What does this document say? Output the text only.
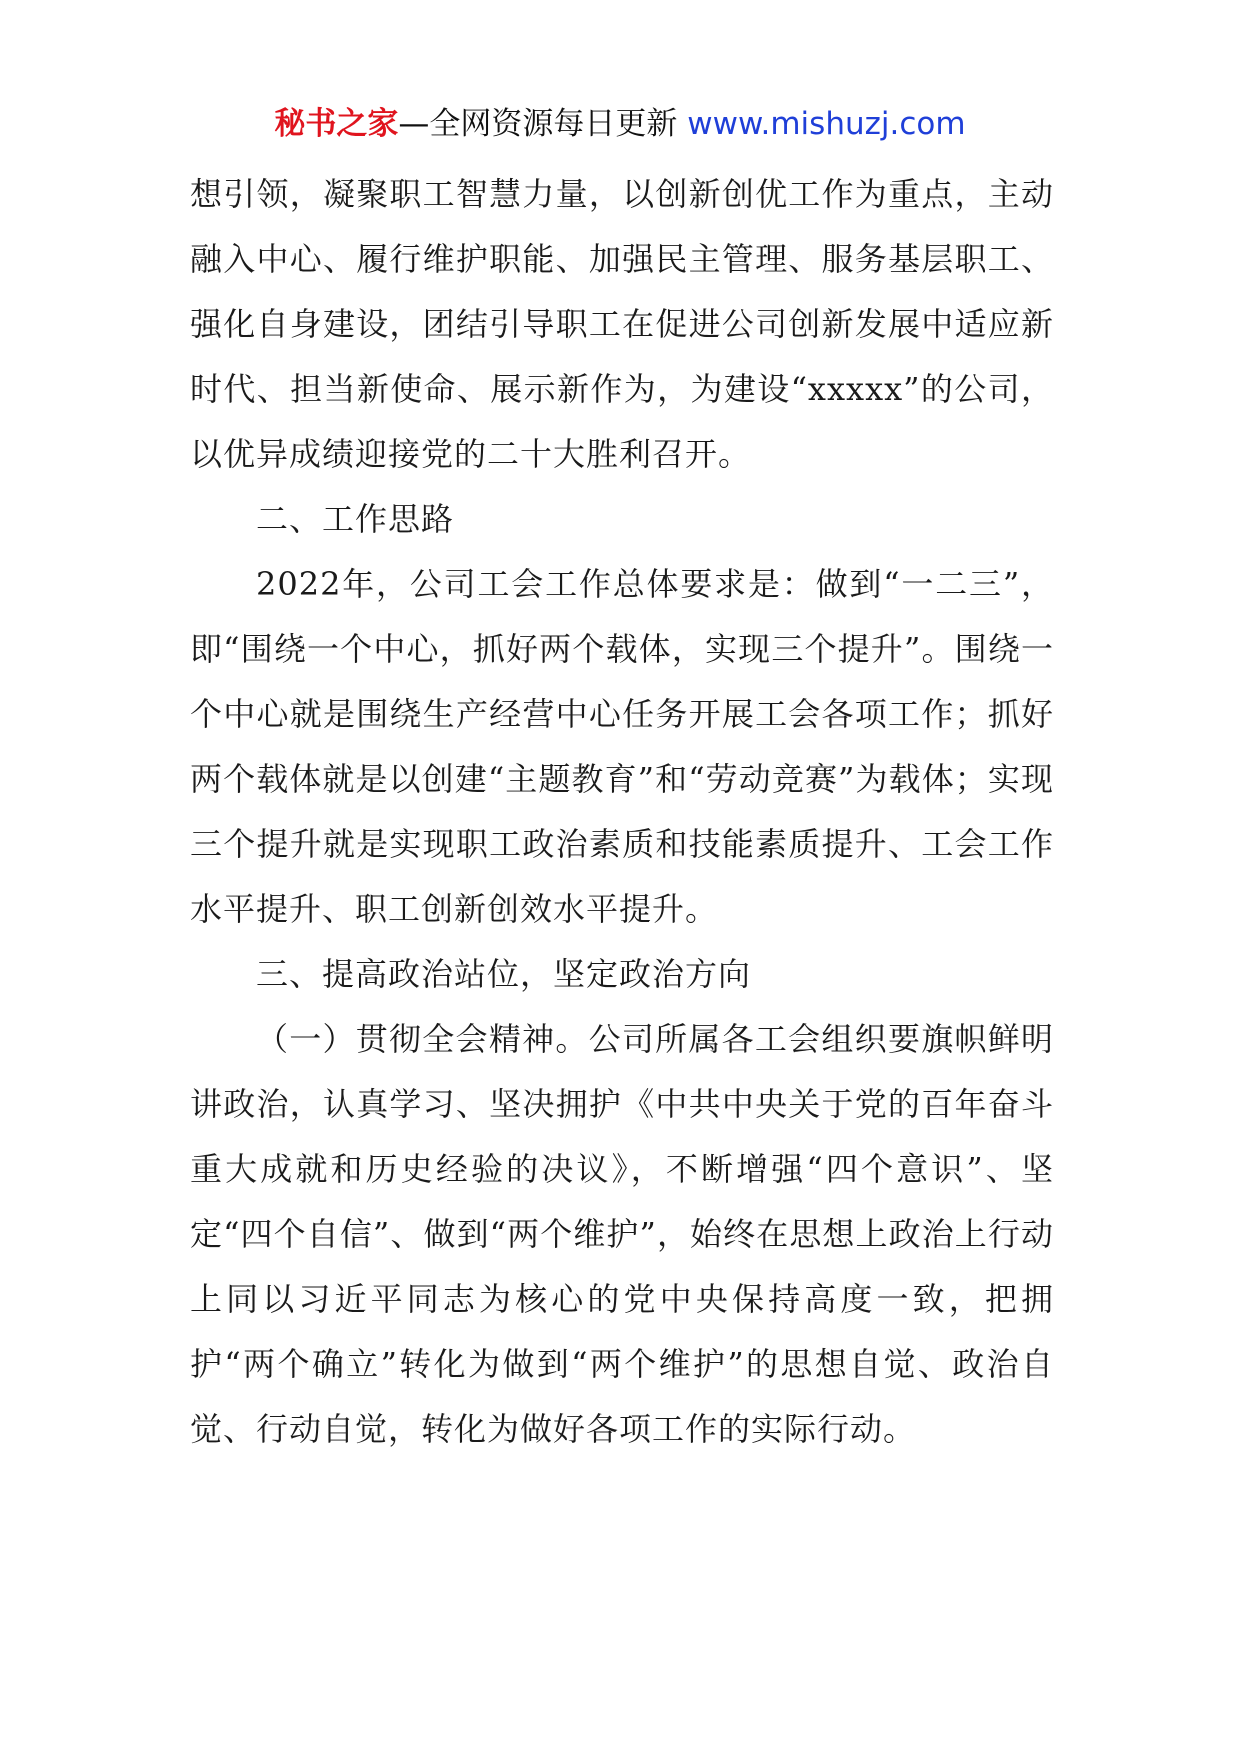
秘书之家—全网资源每日更新 www.mishuzj.com

想引领，凝聚职工智慧力量，以创新创优工作为重点，主动融入中心、履行维护职能、加强民主管理、服务基层职工、强化自身建设，团结引导职工在促进公司创新发展中适应新时代、担当新使命、展示新作为，为建设“xxxxx”的公司，以优异成绩迎接党的二十大胜利召开。

二、工作思路

2022年，公司工会工作总体要求是：做到“一二三”，即“围绕一个中心，抓好两个载体，实现三个提升”。围绕一个中心就是围绕生产经营中心任务开展工会各项工作；抓好两个载体就是以创建“主题教育”和“劳动竞赛”为载体；实现三个提升就是实现职工政治素质和技能素质提升、工会工作水平提升、职工创新创效水平提升。

三、提高政治站位，坚定政治方向

（一）贯彻全会精神。公司所属各工会组织要旗帜鲜明讲政治，认真学习、坚决拥护《中共中央关于党的百年奋斗重大成就和历史经验的决议》，不断增强“四个意识”、坚定“四个自信”、做到“两个维护”，始终在思想上政治上行动上同以习近平同志为核心的党中央保持高度一致，把拥护“两个确立”转化为做到“两个维护”的思想自觉、政治自觉、行动自觉，转化为做好各项工作的实际行动。
